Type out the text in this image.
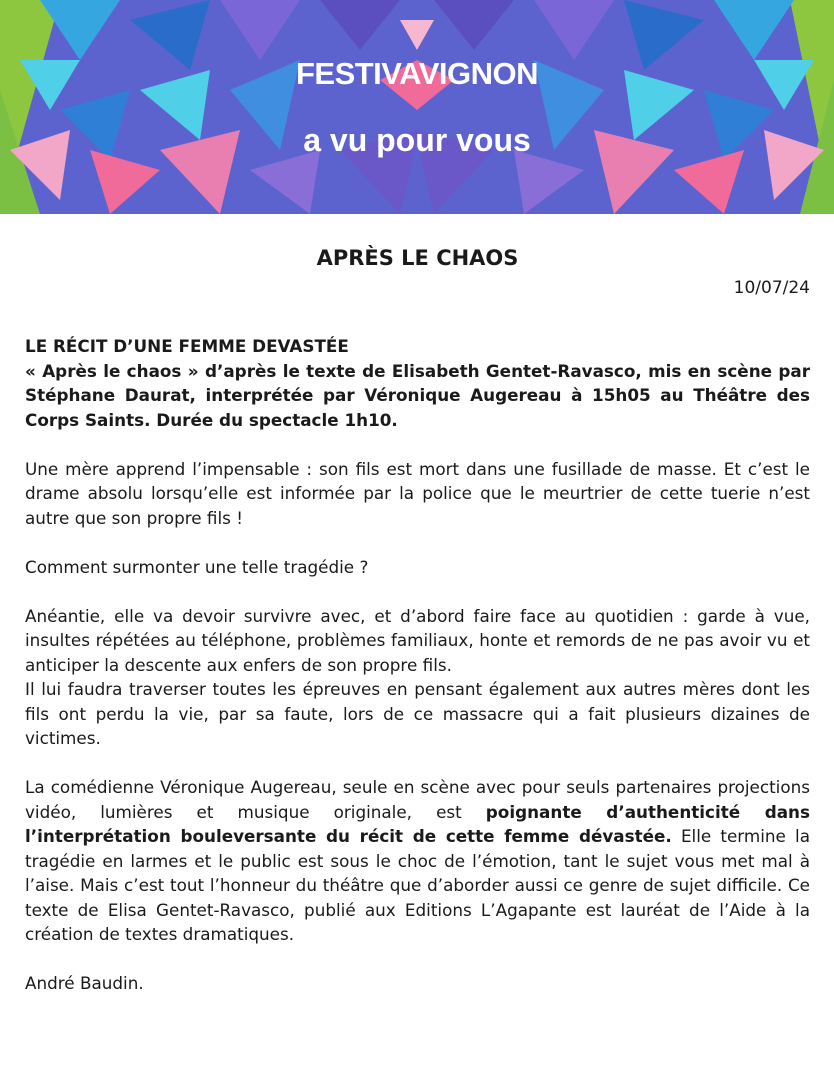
FESTIVAVIGNON
a vu pour vous
APRÈS LE CHAOS
10/07/24

LE RÉCIT D’UNE FEMME DEVASTÉE

« Après le chaos » d’après le texte de Elisabeth Gentet-Ravasco, mis en scène par Stéphane Daurat, interprétée par Véronique Augereau à 15h05 au Théâtre des Corps Saints. Durée du spectacle 1h10.

Une mère apprend l’impensable : son fils est mort dans une fusillade de masse. Et c’est le drame absolu lorsqu’elle est informée par la police que le meurtrier de cette tuerie n’est autre que son propre fils !

Comment surmonter une telle tragédie ?

Anéantie, elle va devoir survivre avec, et d’abord faire face au quotidien : garde à vue, insultes répétées au téléphone, problèmes familiaux, honte et remords de ne pas avoir vu et anticiper la descente aux enfers de son propre fils.

Il lui faudra traverser toutes les épreuves en pensant également aux autres mères dont les fils ont perdu la vie, par sa faute, lors de ce massacre qui a fait plusieurs dizaines de victimes.

La comédienne Véronique Augereau, seule en scène avec pour seuls partenaires projections vidéo, lumières et musique originale, est poignante d’authenticité dans l’interprétation bouleversante du récit de cette femme dévastée. Elle termine la tragédie en larmes et le public est sous le choc de l’émotion, tant le sujet vous met mal à l’aise. Mais c’est tout l’honneur du théâtre que d’aborder aussi ce genre de sujet difficile. Ce texte de Elisa Gentet-Ravasco, publié aux Editions L’Agapante est lauréat de l’Aide à la création de textes dramatiques.

André Baudin.
